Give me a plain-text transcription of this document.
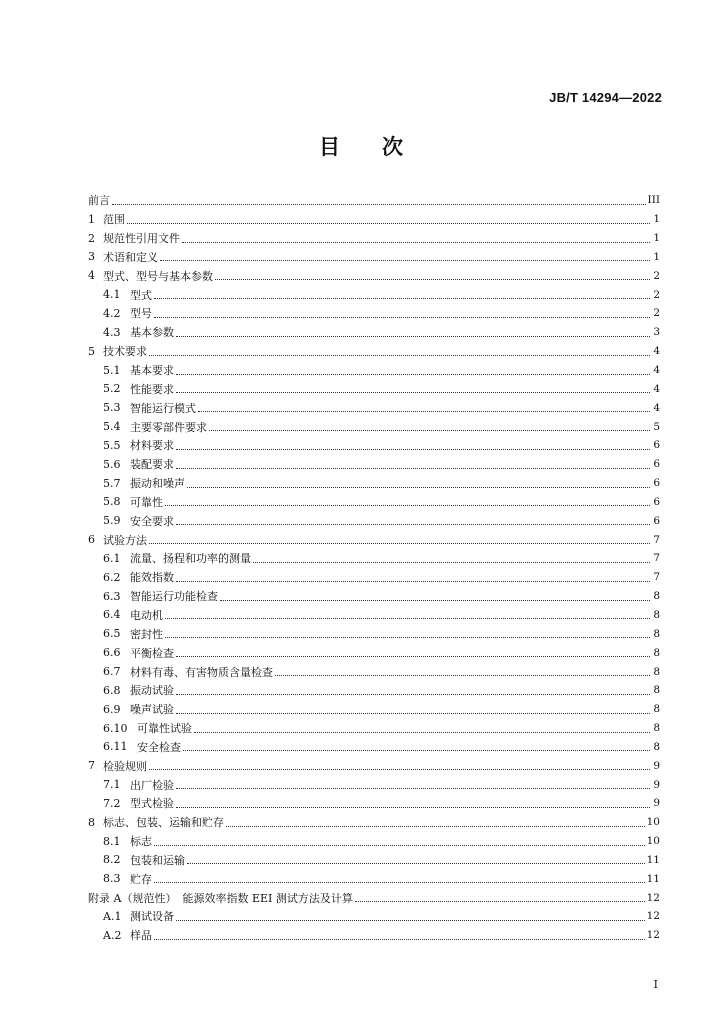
JB/T 14294—2022
目 次
前言	III
1 范围	1
2 规范性引用文件	1
3 术语和定义	1
4 型式、型号与基本参数	2
4.1 型式	2
4.2 型号	2
4.3 基本参数	3
5 技术要求	4
5.1 基本要求	4
5.2 性能要求	4
5.3 智能运行模式	4
5.4 主要零部件要求	5
5.5 材料要求	6
5.6 装配要求	6
5.7 振动和噪声	6
5.8 可靠性	6
5.9 安全要求	6
6 试验方法	7
6.1 流量、扬程和功率的测量	7
6.2 能效指数	7
6.3 智能运行功能检查	8
6.4 电动机	8
6.5 密封性	8
6.6 平衡检查	8
6.7 材料有毒、有害物质含量检查	8
6.8 振动试验	8
6.9 噪声试验	8
6.10 可靠性试验	8
6.11 安全检查	8
7 检验规则	9
7.1 出厂检验	9
7.2 型式检验	9
8 标志、包装、运输和贮存	10
8.1 标志	10
8.2 包装和运输	11
8.3 贮存	11
附录 A（规范性） 能源效率指数 EEI 测试方法及计算	12
A.1 测试设备	12
A.2 样品	12
I
